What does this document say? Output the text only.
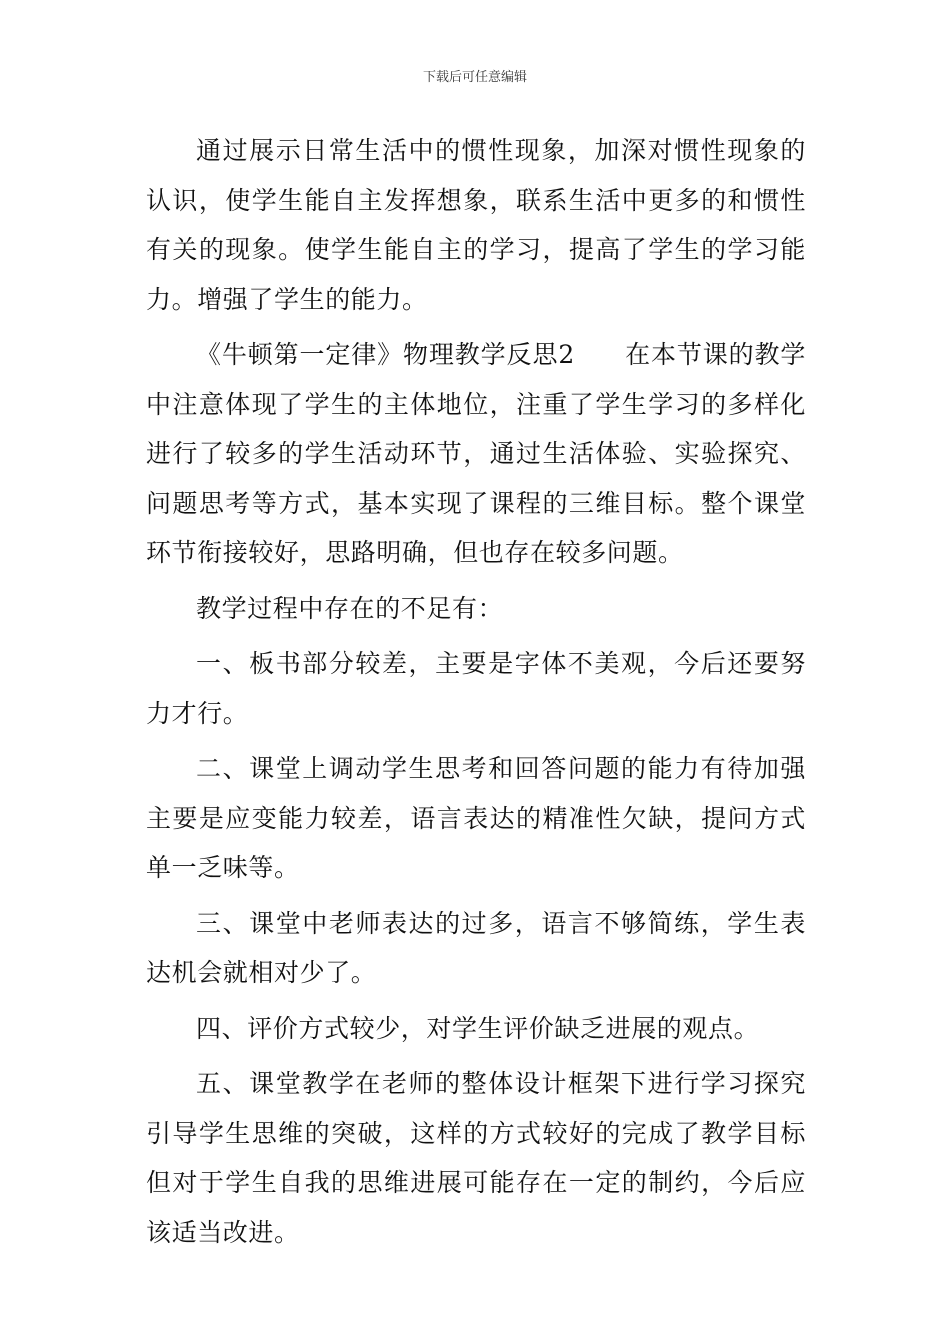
下载后可任意编辑

通过展示日常生活中的惯性现象，加深对惯性现象的认识，使学生能自主发挥想象，联系生活中更多的和惯性有关的现象。使学生能自主的学习，提高了学生的学习能力。增强了学生的能力。

《牛顿第一定律》物理教学反思2 在本节课的教学中注意体现了学生的主体地位，注重了学生学习的多样化进行了较多的学生活动环节，通过生活体验、实验探究、问题思考等方式，基本实现了课程的三维目标。整个课堂环节衔接较好，思路明确，但也存在较多问题。

教学过程中存在的不足有：

一、板书部分较差，主要是字体不美观，今后还要努力才行。

二、课堂上调动学生思考和回答问题的能力有待加强主要是应变能力较差，语言表达的精准性欠缺，提问方式单一乏味等。

三、课堂中老师表达的过多，语言不够简练，学生表达机会就相对少了。

四、评价方式较少，对学生评价缺乏进展的观点。

五、课堂教学在老师的整体设计框架下进行学习探究引导学生思维的突破，这样的方式较好的完成了教学目标但对于学生自我的思维进展可能存在一定的制约，今后应该适当改进。
